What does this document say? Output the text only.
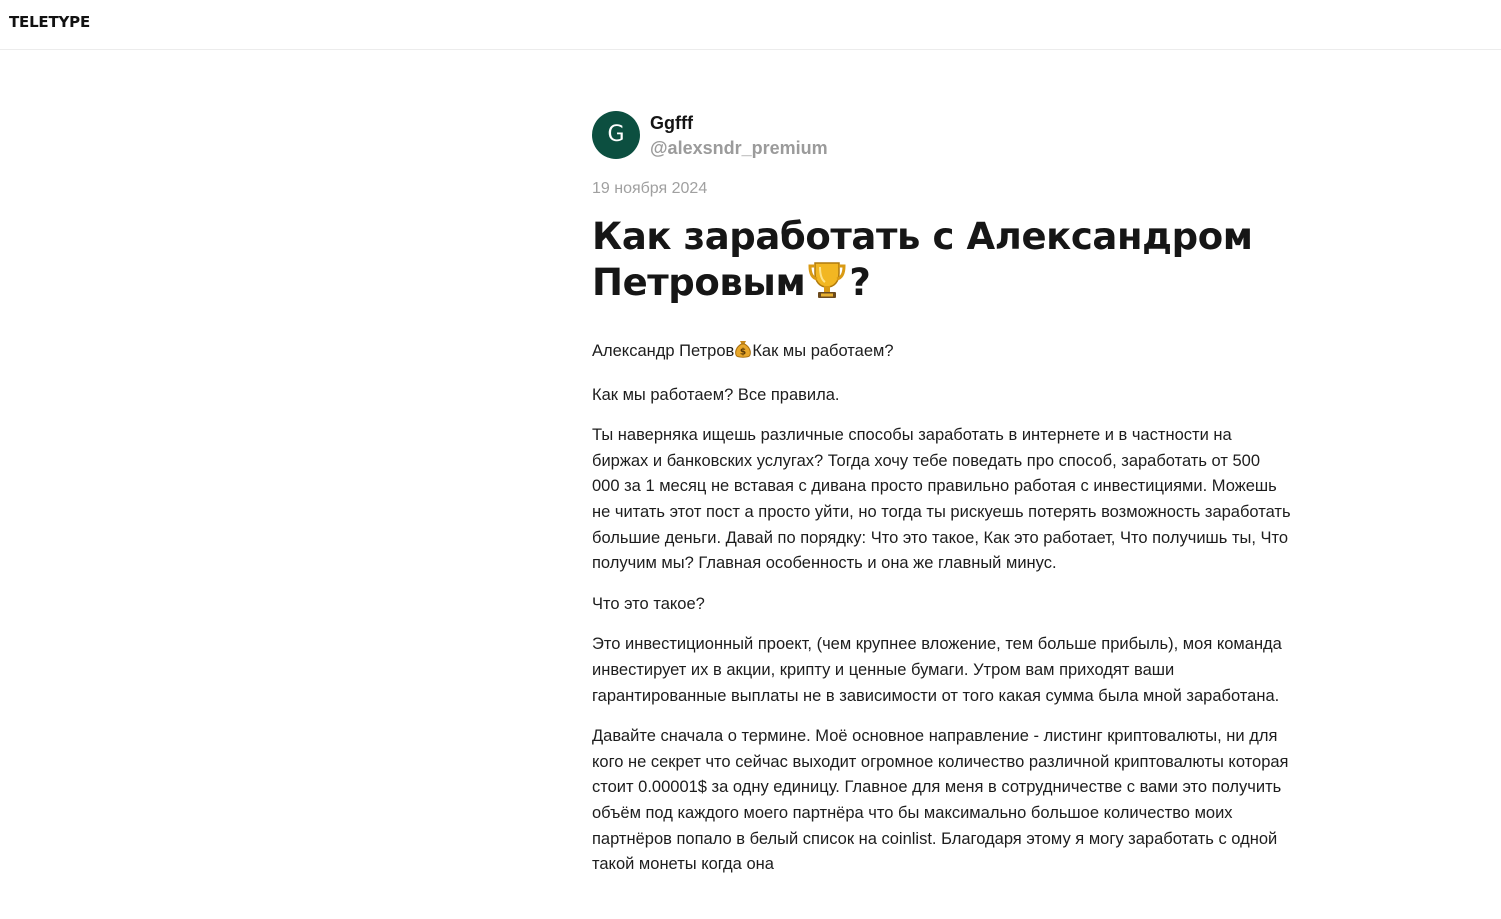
TELETYPE
G	Ggfff
@alexsndr_premium
19 ноября 2024
Как заработать с Александром Петровым ?

Александр Петров $ Как мы работаем?

Как мы работаем? Все правила.

Ты наверняка ищешь различные способы заработать в интернете и в частности на биржах и банковских услугах? Тогда хочу тебе поведать про способ, заработать от 500 000 за 1 месяц не вставая с дивана просто правильно работая с инвестициями. Можешь не читать этот пост а просто уйти, но тогда ты рискуешь потерять возможность заработать большие деньги. Давай по порядку: Что это такое, Как это работает, Что получишь ты, Что получим мы? Главная особенность и она же главный минус.

Что это такое?

Это инвестиционный проект, (чем крупнее вложение, тем больше прибыль), моя команда инвестирует их в акции, крипту и ценные бумаги. Утром вам приходят ваши гарантированные выплаты не в зависимости от того какая сумма была мной заработана.

Давайте сначала о термине. Моё основное направление - листинг криптовалюты, ни для кого не секрет что сейчас выходит огромное количество различной криптовалюты которая стоит 0.00001$ за одну единицу. Главное для меня в сотрудничестве с вами это получить объём под каждого моего партнёра что бы максимально большое количество моих партнёров попало в белый список на coinlist. Благодаря этому я могу заработать с одной такой монеты когда она
